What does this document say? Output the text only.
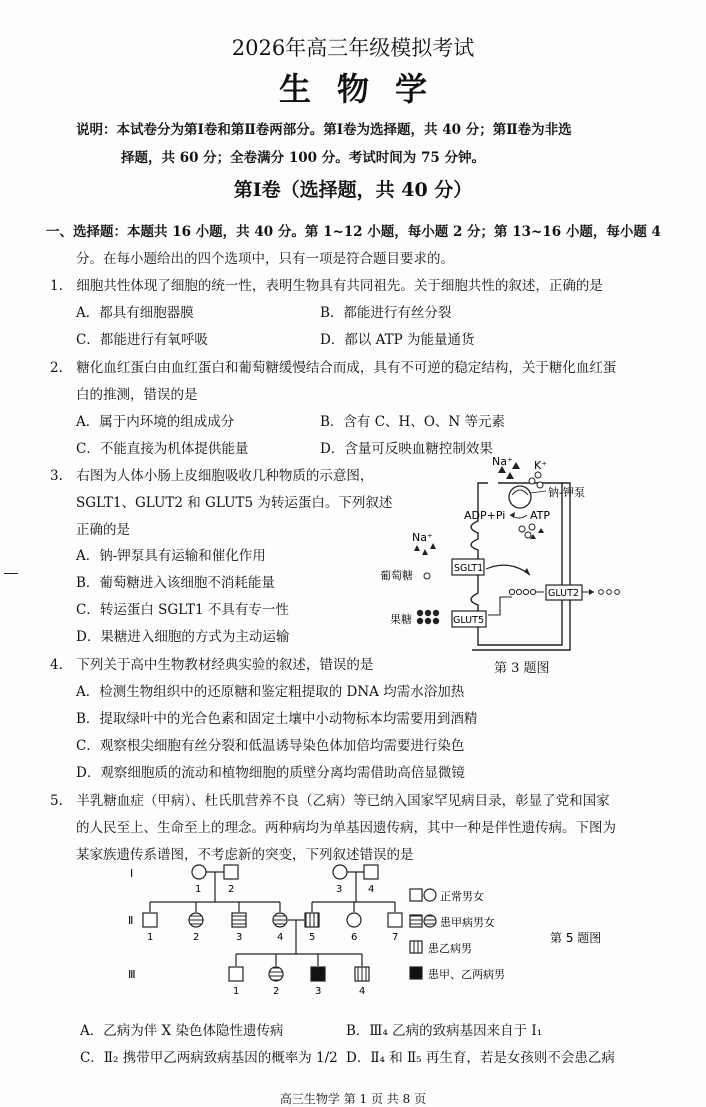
2026年高三年级模拟考试
生物学
说明：本试卷分为第Ⅰ卷和第Ⅱ卷两部分。第Ⅰ卷为选择题，共 40 分；第Ⅱ卷为非选
择题，共 60 分；全卷满分 100 分。考试时间为 75 分钟。
第Ⅰ卷（选择题，共 40 分）
一、选择题：本题共 16 小题，共 40 分。第 1~12 小题，每小题 2 分；第 13~16 小题，每小题 4
分。在每小题给出的四个选项中，只有一项是符合题目要求的。
1.　细胞共性体现了细胞的统一性，表明生物具有共同祖先。关于细胞共性的叙述，正确的是
A．都具有细胞器膜	B．都能进行有丝分裂
C．都能进行有氧呼吸	D．都以 ATP 为能量通货
2.　糖化血红蛋白由血红蛋白和葡萄糖缓慢结合而成，具有不可逆的稳定结构，关于糖化血红蛋
白的推测，错误的是
A．属于内环境的组成成分	B．含有 C、H、O、N 等元素
C．不能直接为机体提供能量	D．含量可反映血糖控制效果
3.　右图为人体小肠上皮细胞吸收几种物质的示意图，
SGLT1、GLUT2 和 GLUT5 为转运蛋白。下列叙述
正确的是
A．钠-钾泵具有运输和催化作用
B．葡萄糖进入该细胞不消耗能量
C．转运蛋白 SGLT1 不具有专一性
D．果糖进入细胞的方式为主动运输
Na⁺ K⁺
钠-钾泵
ADP+Pi ATP
Na⁺
葡萄糖
SGLT1
果糖	GLUT5
GLUT2
第 3 题图
4.　下列关于高中生物教材经典实验的叙述，错误的是
A．检测生物组织中的还原糖和鉴定粗提取的 DNA 均需水浴加热
B．提取绿叶中的光合色素和固定土壤中小动物标本均需要用到酒精
C．观察根尖细胞有丝分裂和低温诱导染色体加倍均需要进行染色
D．观察细胞质的流动和植物细胞的质壁分离均需借助高倍显微镜
5.　半乳糖血症（甲病）、杜氏肌营养不良（乙病）等已纳入国家罕见病目录，彰显了党和国家
的人民至上、生命至上的理念。两种病均为单基因遗传病，其中一种是伴性遗传病。下图为
某家族遗传系谱图，不考虑新的突变，下列叙述错误的是
Ⅰ
Ⅱ
Ⅲ
1	2	3	4
1	2	3	4	5	6	7
1	2	3	4
正常男女
患甲病男女
患乙病男
患甲、乙两病男
第 5 题图
A．乙病为伴 X 染色体隐性遗传病	B．Ⅲ₄ 乙病的致病基因来自于 Ⅰ₁
C．Ⅱ₂ 携带甲乙两病致病基因的概率为 1/2 D．Ⅱ₄ 和 Ⅱ₅ 再生育，若是女孩则不会患乙病
高三生物学 第 1 页 共 8 页
